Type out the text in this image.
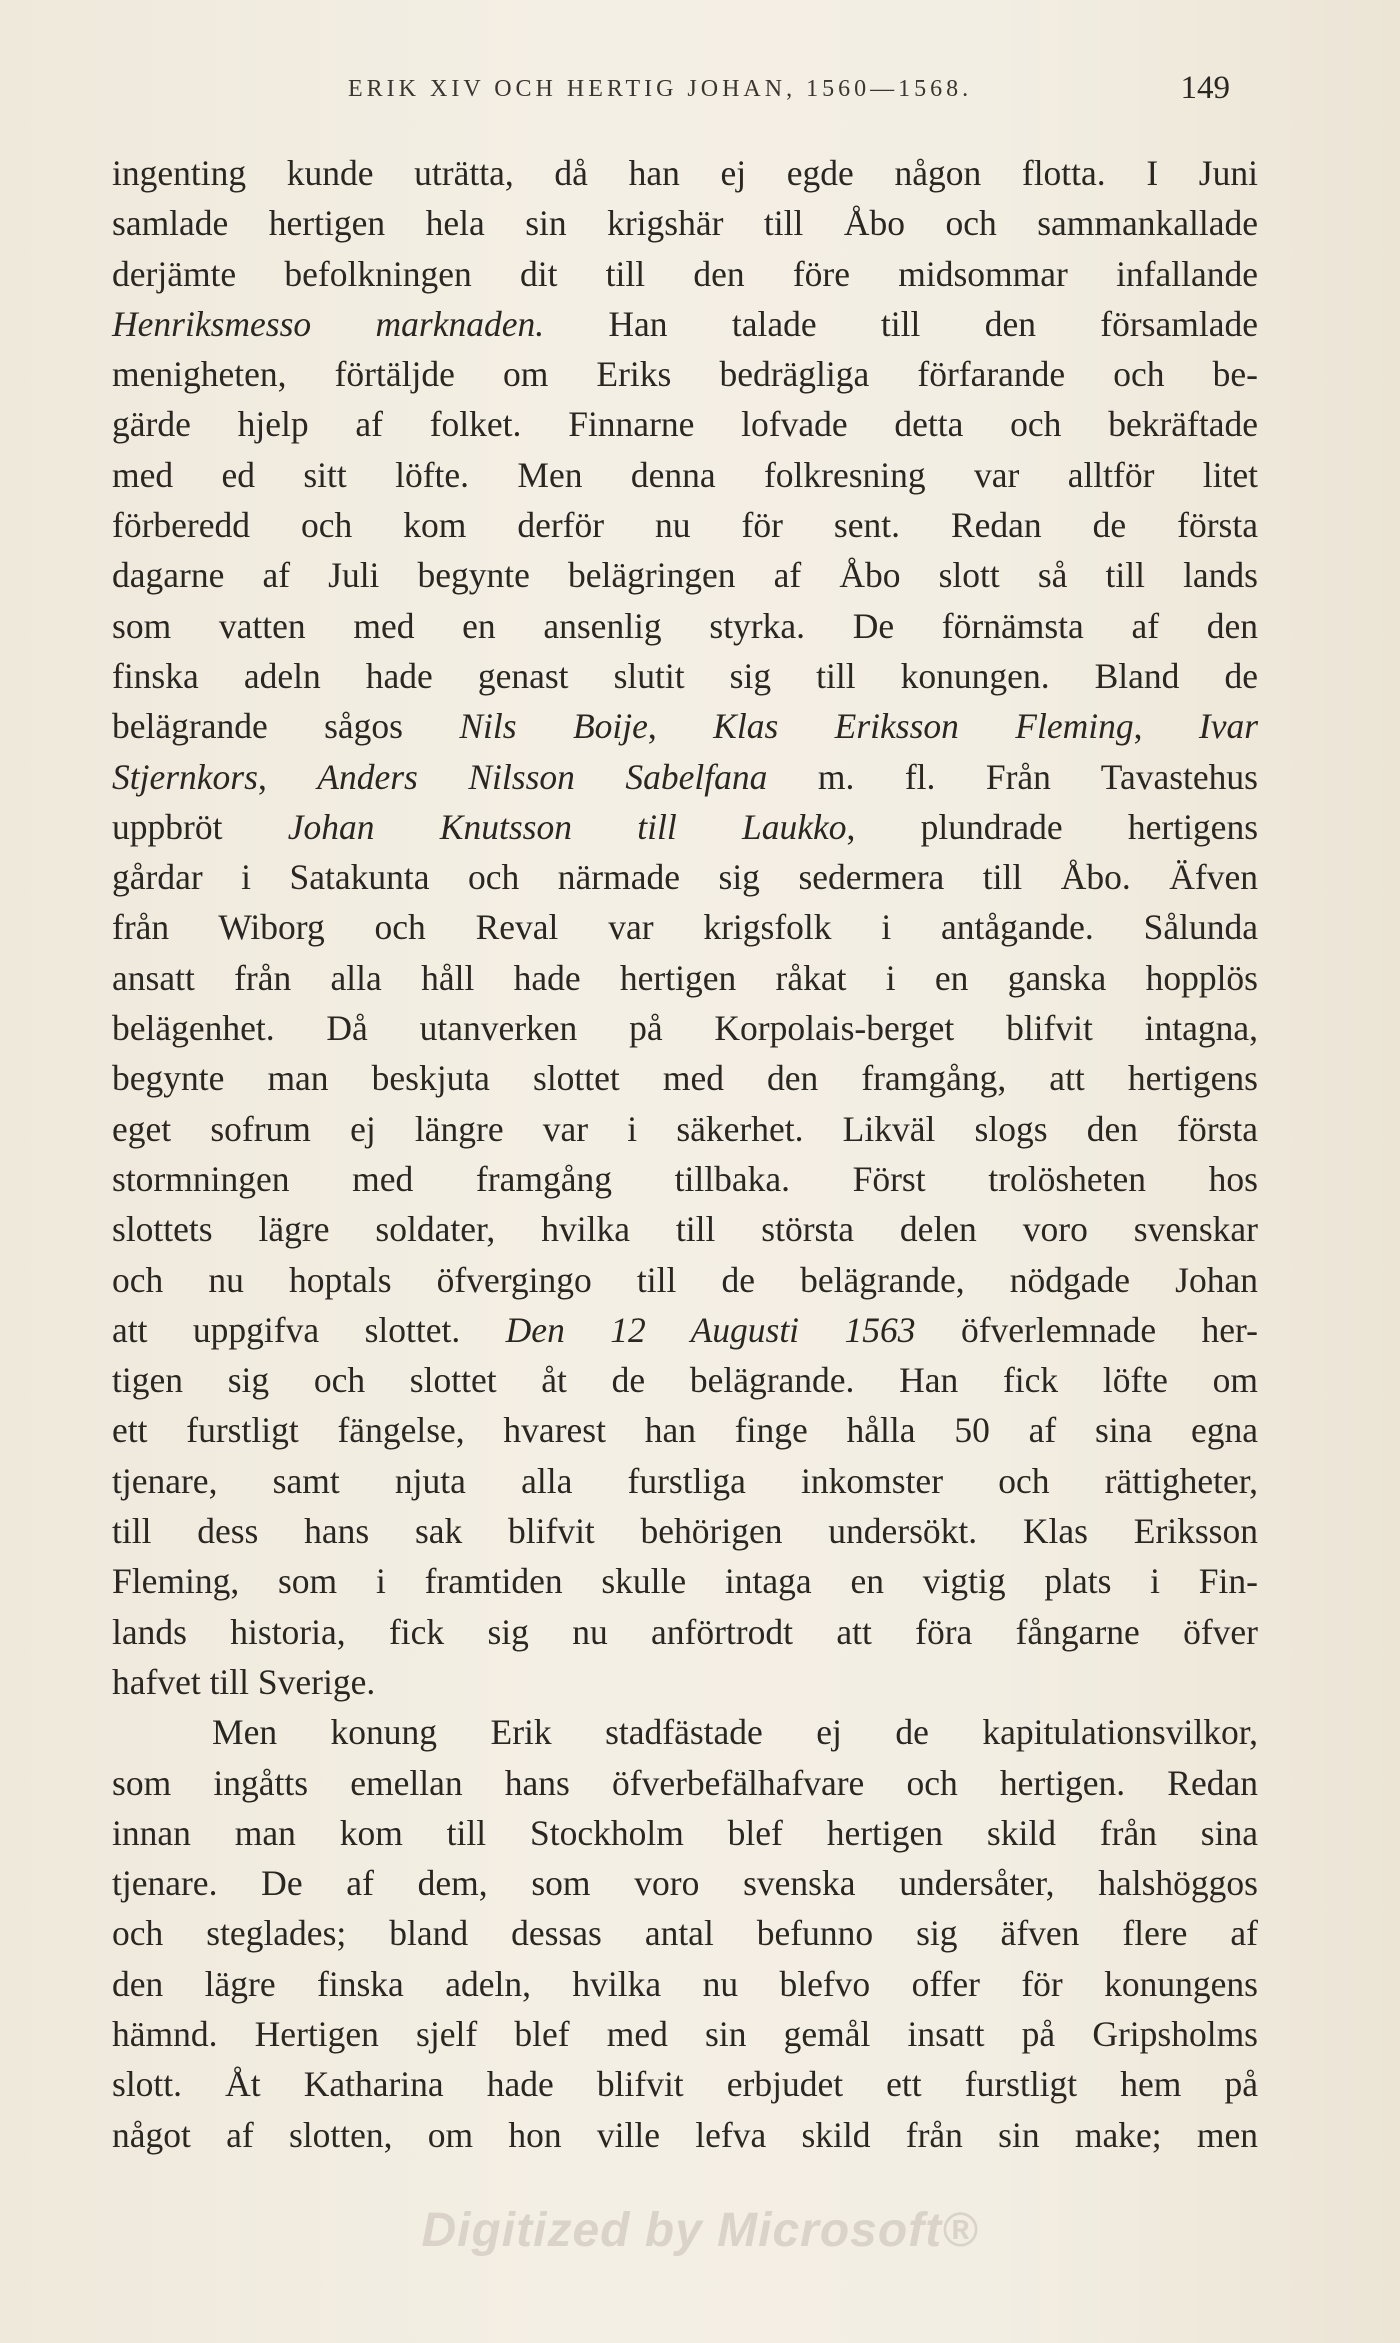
ERIK XIV OCH HERTIG JOHAN, 1560—1568.	149
ingenting kunde uträtta, då han ej egde någon flotta. I Juni
samlade hertigen hela sin krigshär till Åbo och sammankallade
derjämte befolkningen dit till den före midsommar infallande
Henriksmesso marknaden. Han talade till den församlade
menigheten, förtäljde om Eriks bedrägliga förfarande och be-
gärde hjelp af folket. Finnarne lofvade detta och bekräftade
med ed sitt löfte. Men denna folkresning var alltför litet
förberedd och kom derför nu för sent. Redan de första
dagarne af Juli begynte belägringen af Åbo slott så till lands
som vatten med en ansenlig styrka. De förnämsta af den
finska adeln hade genast slutit sig till konungen. Bland de
belägrande sågos Nils Boije, Klas Eriksson Fleming, Ivar
Stjernkors, Anders Nilsson Sabelfana m. fl. Från Tavastehus
uppbröt Johan Knutsson till Laukko, plundrade hertigens
gårdar i Satakunta och närmade sig sedermera till Åbo. Äfven
från Wiborg och Reval var krigsfolk i antågande. Sålunda
ansatt från alla håll hade hertigen råkat i en ganska hopplös
belägenhet. Då utanverken på Korpolais-berget blifvit intagna,
begynte man beskjuta slottet med den framgång, att hertigens
eget sofrum ej längre var i säkerhet. Likväl slogs den första
stormningen med framgång tillbaka. Först trolösheten hos
slottets lägre soldater, hvilka till största delen voro svenskar
och nu hoptals öfvergingo till de belägrande, nödgade Johan
att uppgifva slottet. Den 12 Augusti 1563 öfverlemnade her-
tigen sig och slottet åt de belägrande. Han fick löfte om
ett furstligt fängelse, hvarest han finge hålla 50 af sina egna
tjenare, samt njuta alla furstliga inkomster och rättigheter,
till dess hans sak blifvit behörigen undersökt. Klas Eriksson
Fleming, som i framtiden skulle intaga en vigtig plats i Fin-
lands historia, fick sig nu anförtrodt att föra fångarne öfver
hafvet till Sverige.
Men konung Erik stadfästade ej de kapitulationsvilkor,
som ingåtts emellan hans öfverbefälhafvare och hertigen. Redan
innan man kom till Stockholm blef hertigen skild från sina
tjenare. De af dem, som voro svenska undersåter, halshöggos
och steglades; bland dessas antal befunno sig äfven flere af
den lägre finska adeln, hvilka nu blefvo offer för konungens
hämnd. Hertigen sjelf blef med sin gemål insatt på Gripsholms
slott. Åt Katharina hade blifvit erbjudet ett furstligt hem på
något af slotten, om hon ville lefva skild från sin make; men
Digitized by Microsoft®
